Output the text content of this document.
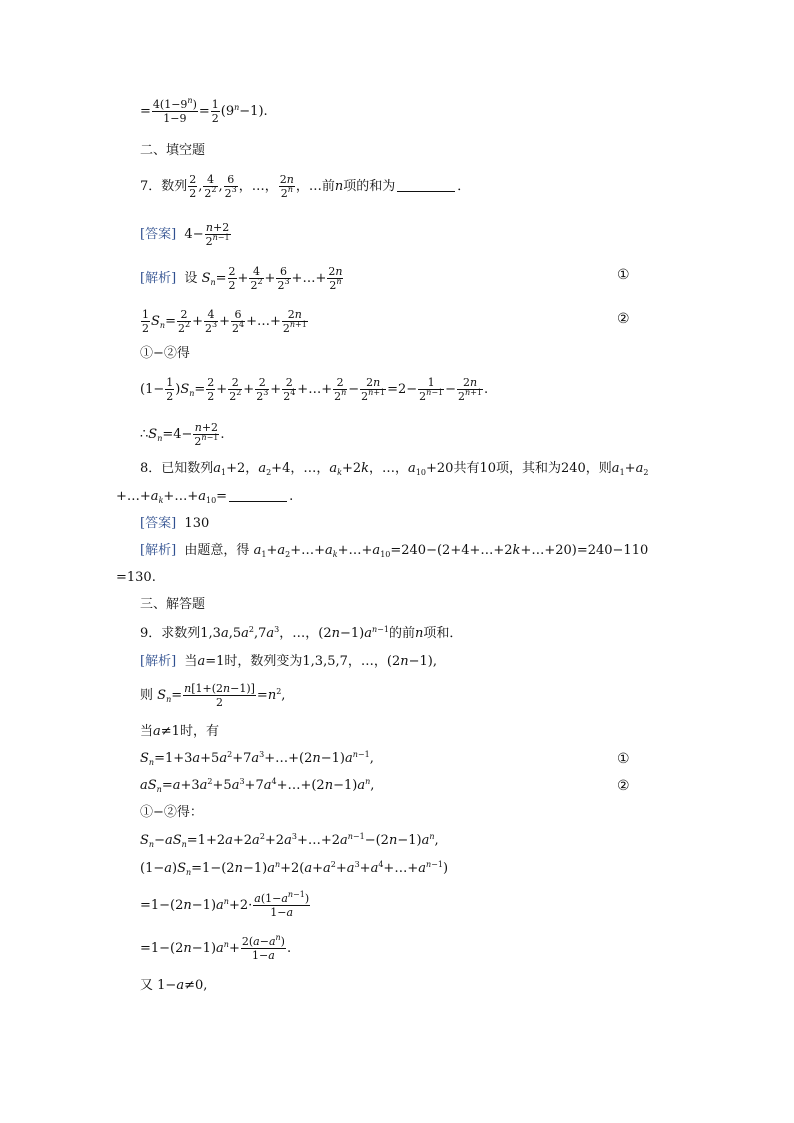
= $\frac{4(1-9^n)}{1-9} = \frac{1}{2} (9^n-1)$.
二、填空题
7．数列 $\frac{2}{2}$ , $\frac{4}{2^2}$ , $\frac{6}{2^3}$ ，…， $\frac{2n}{2^n}$ ，…前n项的和为	．
[答案]  $4- \frac{n+2}{2^{n-1}}$
[解析] 设 $S_n= \frac{2}{2} + \frac{4}{2^2} + \frac{6}{2^3}$ +…+ $\frac{2n}{2^n}$	①
$\frac{1}{2} S_n= \frac{2}{2^2} + \frac{4}{2^3} + \frac{6}{2^4}$ +…+ $\frac{2n}{2^{n+1}}$	②
①−②得
$(1- \frac{1}{2} )S_n= \frac{2}{2} + \frac{2}{2^2} + \frac{2}{2^3} + \frac{2}{2^4}$ +…+ $\frac{2}{2^n} - \frac{2n}{2^{n+1}} =2- \frac{1}{2^{n-1}} - \frac{2n}{2^{n+1}}$ .
$\therefore S_n=4- \frac{n+2}{2^{n-1}}$ .
8．已知数列$a_1+2$，$a_2+4$，…，$a_k+2k$，…，$a_{10}+20$共有10项，其和为240，则$a_1+a_2$
$+\dots+a_k+\dots+a_{10}=$	.
[答案] 130
[解析] 由题意，得 $a_1+a_2+\dots+a_k+\dots+a_{10}=240-(2+4+\dots+2k+\dots+20)=240-110$
=130.
三、解答题
9．求数列$1,3a,5a^2,7a^3$，…，$(2n-1)a^{n-1}$的前n项和．
[解析] 当a=1时，数列变为1,3,5,7，…，(2n−1),
则 $S_n= \frac{n[1+(2n-1)]}{2} =n^2$,
当a≠1时，有
$S_n=1+3a+5a^2+7a^3+\dots+(2n-1)a^{n-1}$,	①
$aS_n=a+3a^2+5a^3+7a^4+\dots+(2n-1)a^n$,	②
①−②得：
$S_n-aS_n=1+2a+2a^2+2a^3+\dots+2a^{n-1}-(2n-1)a^n$,
$(1-a)S_n=1-(2n-1)a^n+2(a+a^2+a^3+a^4+\dots+a^{n-1})$
$=1-(2n-1)a^n+2\cdot \frac{a(1-a^{n-1})}{1-a}$
$=1-(2n-1)a^n+ \frac{2(a-a^n)}{1-a}$ .
又 1−a≠0,
